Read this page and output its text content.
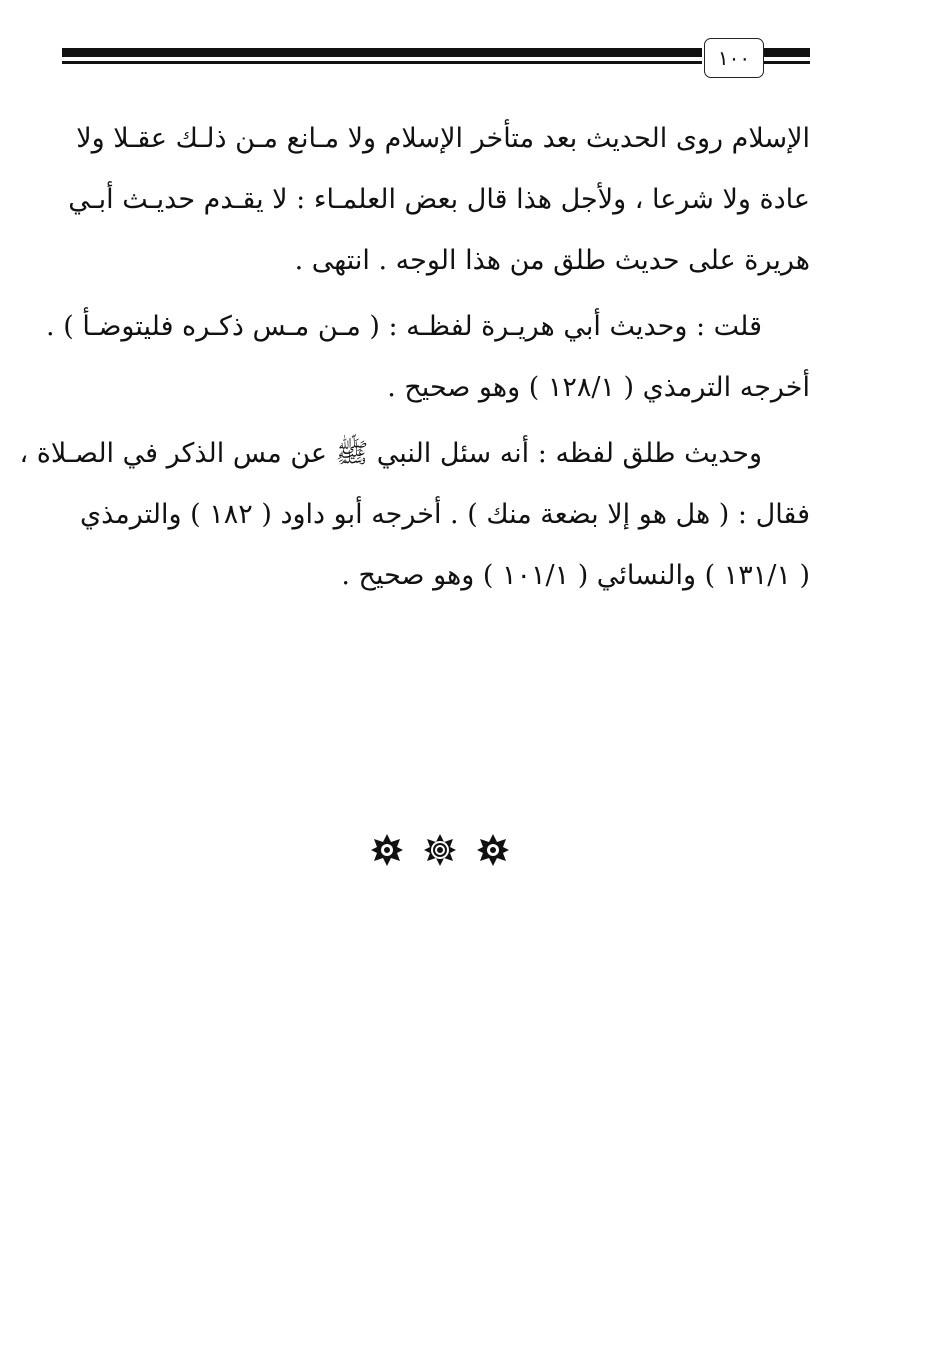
١٠٠
الإسلام روى الحديث بعد متأخر الإسلام ولا مـانع مـن ذلـك عقـلا ولا
عادة ولا شرعا ، ولأجل هذا قال بعض العلمـاء : لا يقـدم حديـث أبـي
هريرة على حديث طلق من هذا الوجه . انتهى .
قلت : وحديث أبي هريـرة لفظـه : ( مـن مـس ذكـره فليتوضـأ ) .
أخرجه الترمذي ( ١٢٨/١ ) وهو صحيح .
وحديث طلق لفظه : أنه سئل النبي ﷺ عن مس الذكر في الصـلاة ،
فقال : ( هل هو إلا بضعة منك ) . أخرجه أبو داود ( ١٨٢ ) والترمذي
( ١٣١/١ ) والنسائي ( ١٠١/١ ) وهو صحيح .
